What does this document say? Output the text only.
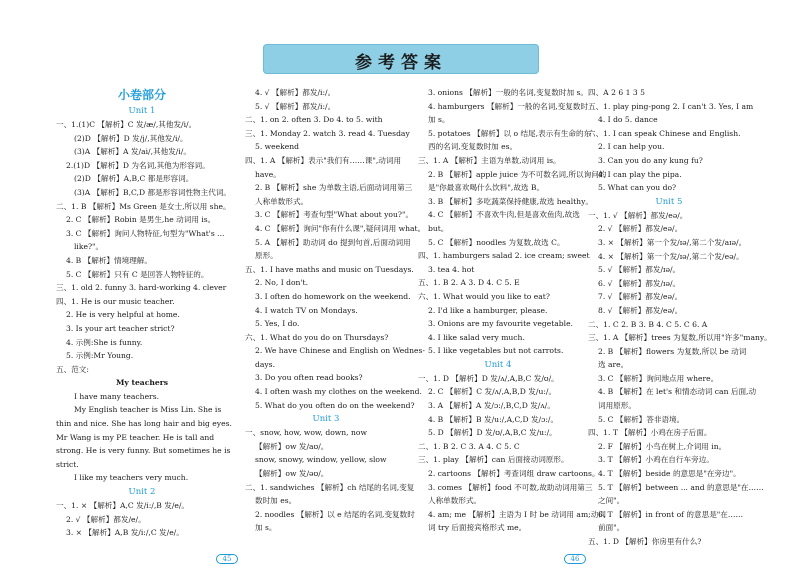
参考答案
小卷部分
Unit 1
一、1.(1)C 【解析】C 发/æ/,其他发/i/。
(2)D 【解析】D 发/j/,其他发/i/。
(3)A 【解析】A 发/ai/,其他发/i/。
2.(1)D 【解析】D 为名词,其他为形容词。
(2)D 【解析】A,B,C 都是形容词。
(3)A 【解析】B,C,D 都是形容词性物主代词。
二、1. B 【解析】Ms Green 是女士,所以用 she。
2. C 【解析】Robin 是男生,he 动词用 is。
3. C 【解析】询问人物特征,句型为"What's ...
like?"。
4. B 【解析】情境理解。
5. C 【解析】只有 C 是回答人物特征的。
三、1. old 2. funny 3. hard-working 4. clever
四、1. He is our music teacher.
2. He is very helpful at home.
3. Is your art teacher strict?
4. 示例:She is funny.
5. 示例:Mr Young.
五、范文:
My teachers
I have many teachers.
My English teacher is Miss Lin. She is
thin and nice. She has long hair and big eyes.
Mr Wang is my PE teacher. He is tall and
strong. He is very funny. But sometimes he is
strict.
I like my teachers very much.
Unit 2
一、1. × 【解析】A,C 发/i:/,B 发/e/。
2. √ 【解析】都发/e/。
3. × 【解析】A,B 发/i:/,C 发/e/。
4. √ 【解析】都发/i:/。
5. √ 【解析】都发/i:/。
二、1. on 2. often 3. Do 4. to 5. with
三、1. Monday 2. watch 3. read 4. Tuesday
5. weekend
四、1. A 【解析】表示"我们有……课",动词用
have。
2. B 【解析】she 为单数主语,后面动词用第三
人称单数形式。
3. C 【解析】考查句型"What about you?"。
4. C 【解析】询问"你有什么课",疑问词用 what。
5. A 【解析】助动词 do 提到句首,后面动词用
原形。
五、1. I have maths and music on Tuesdays.
2. No, I don't.
3. I often do homework on the weekend.
4. I watch TV on Mondays.
5. Yes, I do.
六、1. What do you do on Thursdays?
2. We have Chinese and English on Wednes-
days.
3. Do you often read books?
4. I often wash my clothes on the weekend.
5. What do you often do on the weekend?
Unit 3
一、snow, how, wow, down, now
【解析】ow 发/aʊ/。
snow, snowy, window, yellow, slow
【解析】ow 发/əʊ/。
二、1. sandwiches 【解析】ch 结尾的名词,变复
数时加 es。
2. noodles 【解析】以 e 结尾的名词,变复数时
加 s。
3. onions 【解析】一般的名词,变复数时加 s。
4. hamburgers 【解析】一般的名词,变复数时
加 s。
5. potatoes 【解析】以 o 结尾,表示有生命的东
西的名词,变复数时加 es。
三、1. A 【解析】主语为单数,动词用 is。
2. B 【解析】apple juice 为不可数名词,所以询问的
是"你最喜欢喝什么饮料",故选 B。
3. B 【解析】多吃蔬菜保持健康,故选 healthy。
4. C 【解析】不喜欢牛肉,但是喜欢鱼肉,故选
but。
5. C 【解析】noodles 为复数,故选 C。
四、1. hamburgers salad 2. ice cream; sweet
3. tea 4. hot
五、1. B 2. A 3. D 4. C 5. E
六、1. What would you like to eat?
2. I'd like a hamburger, please.
3. Onions are my favourite vegetable.
4. I like salad very much.
5. I like vegetables but not carrots.
Unit 4
一、1. D 【解析】D 发/ʌ/,A,B,C 发/ʊ/。
2. C 【解析】C 发/ʌ/,A,B,D 发/u:/。
3. A 【解析】A 发/ɔ:/,B,C,D 发/ʌ/。
4. B 【解析】B 发/u:/,A,C,D 发/ɔ:/。
5. D 【解析】D 发/ʊ/,A,B,C 发/u:/。
二、1. B 2. C 3. A 4. C 5. C
三、1. play 【解析】can 后面接动词原形。
2. cartoons 【解析】考查词组 draw cartoons。
3. comes 【解析】food 不可数,故助动词用第三
人称单数形式。
4. am; me 【解析】主语为 I 时 be 动词用 am;动词
词 try 后面接宾格形式 me。
四、A 2 6 1 3 5
五、1. play ping-pong 2. I can't 3. Yes, I am
4. I do 5. dance
六、1. I can speak Chinese and English.
2. I can help you.
3. Can you do any kung fu?
4. I can play the pipa.
5. What can you do?
Unit 5
一、1. √ 【解析】都发/eə/。
2. √ 【解析】都发/eə/。
3. × 【解析】第一个发/ɪə/,第二个发/aɪə/。
4. × 【解析】第一个发/ɪə/,第二个发/eə/。
5. √ 【解析】都发/ɪə/。
6. √ 【解析】都发/ɪə/。
7. √ 【解析】都发/eə/。
8. √ 【解析】都发/eə/。
二、1. C 2. B 3. B 4. C 5. C 6. A
三、1. A 【解析】trees 为复数,所以用"许多"many。
2. B 【解析】flowers 为复数,所以 be 动词
选 are。
3. C 【解析】询问地点用 where。
4. B 【解析】在 let's 和情态动词 can 后面,动
词用原形。
5. C 【解析】答非语境。
四、1. T 【解析】小鸡在房子后面。
2. F 【解析】小鸟在树上,介词用 in。
3. T 【解析】小鸡在自行车旁边。
4. T 【解析】beside 的意思是"在旁边"。
5. T 【解析】between ... and 的意思是"在……
之间"。
6. T 【解析】in front of 的意思是"在……
前面"。
五、1. D 【解析】你房里有什么?
45	46
